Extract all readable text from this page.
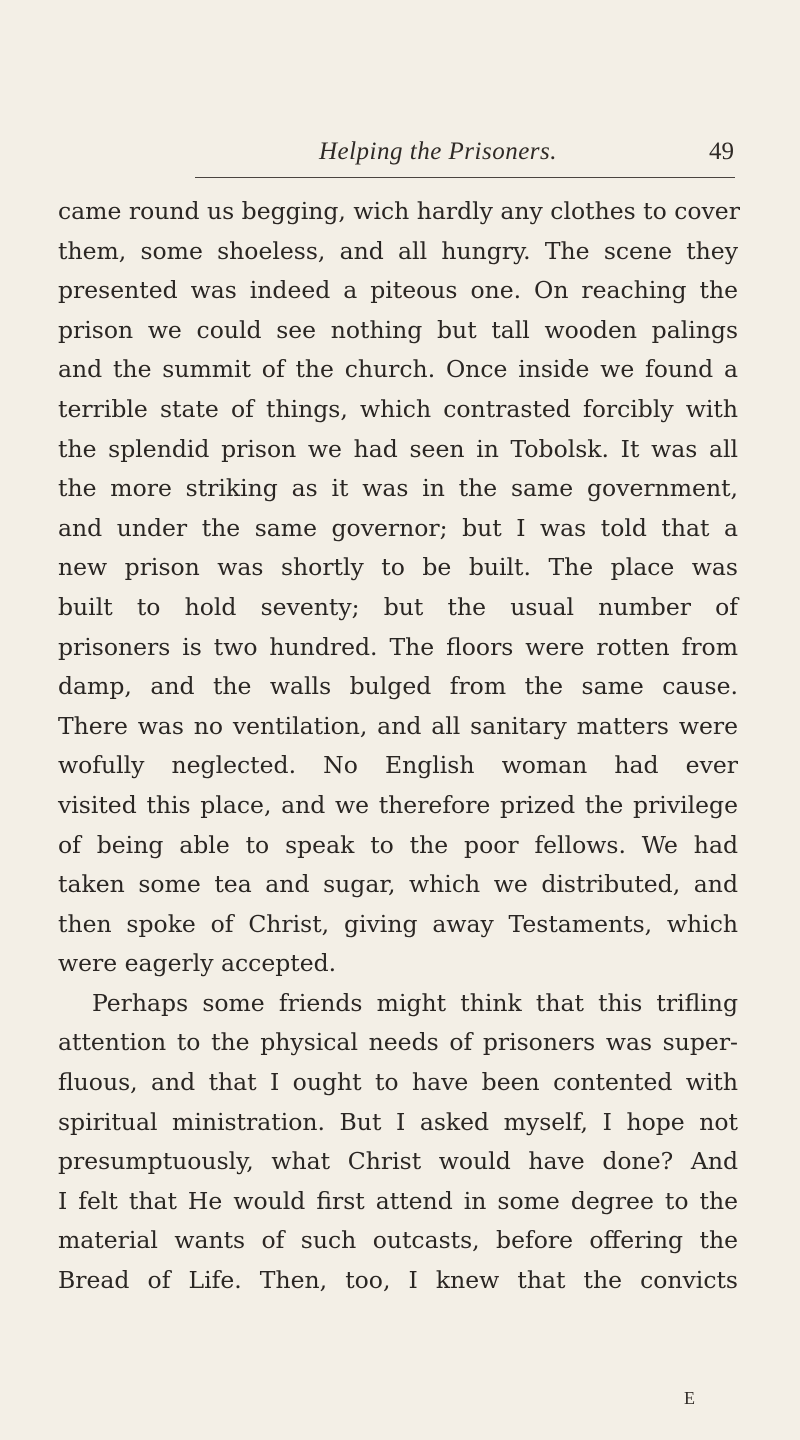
Helping the Prisoners.	49
came round us begging, wich hardly any clothes to cover
them, some shoeless, and all hungry. The scene they
presented was indeed a piteous one. On reaching the
prison we could see nothing but tall wooden palings
and the summit of the church. Once inside we found a
terrible state of things, which contrasted forcibly with
the splendid prison we had seen in Tobolsk. It was all
the more striking as it was in the same government,
and under the same governor; but I was told that a
new prison was shortly to be built. The place was
built to hold seventy; but the usual number of
prisoners is two hundred. The floors were rotten from
damp, and the walls bulged from the same cause.
There was no ventilation, and all sanitary matters were
wofully neglected. No English woman had ever
visited this place, and we therefore prized the privilege
of being able to speak to the poor fellows. We had
taken some tea and sugar, which we distributed, and
then spoke of Christ, giving away Testaments, which
were eagerly accepted.
Perhaps some friends might think that this trifling
attention to the physical needs of prisoners was super-
fluous, and that I ought to have been contented with
spiritual ministration. But I asked myself, I hope not
presumptuously, what Christ would have done? And
I felt that He would first attend in some degree to the
material wants of such outcasts, before offering the
Bread of Life. Then, too, I knew that the convicts
E
